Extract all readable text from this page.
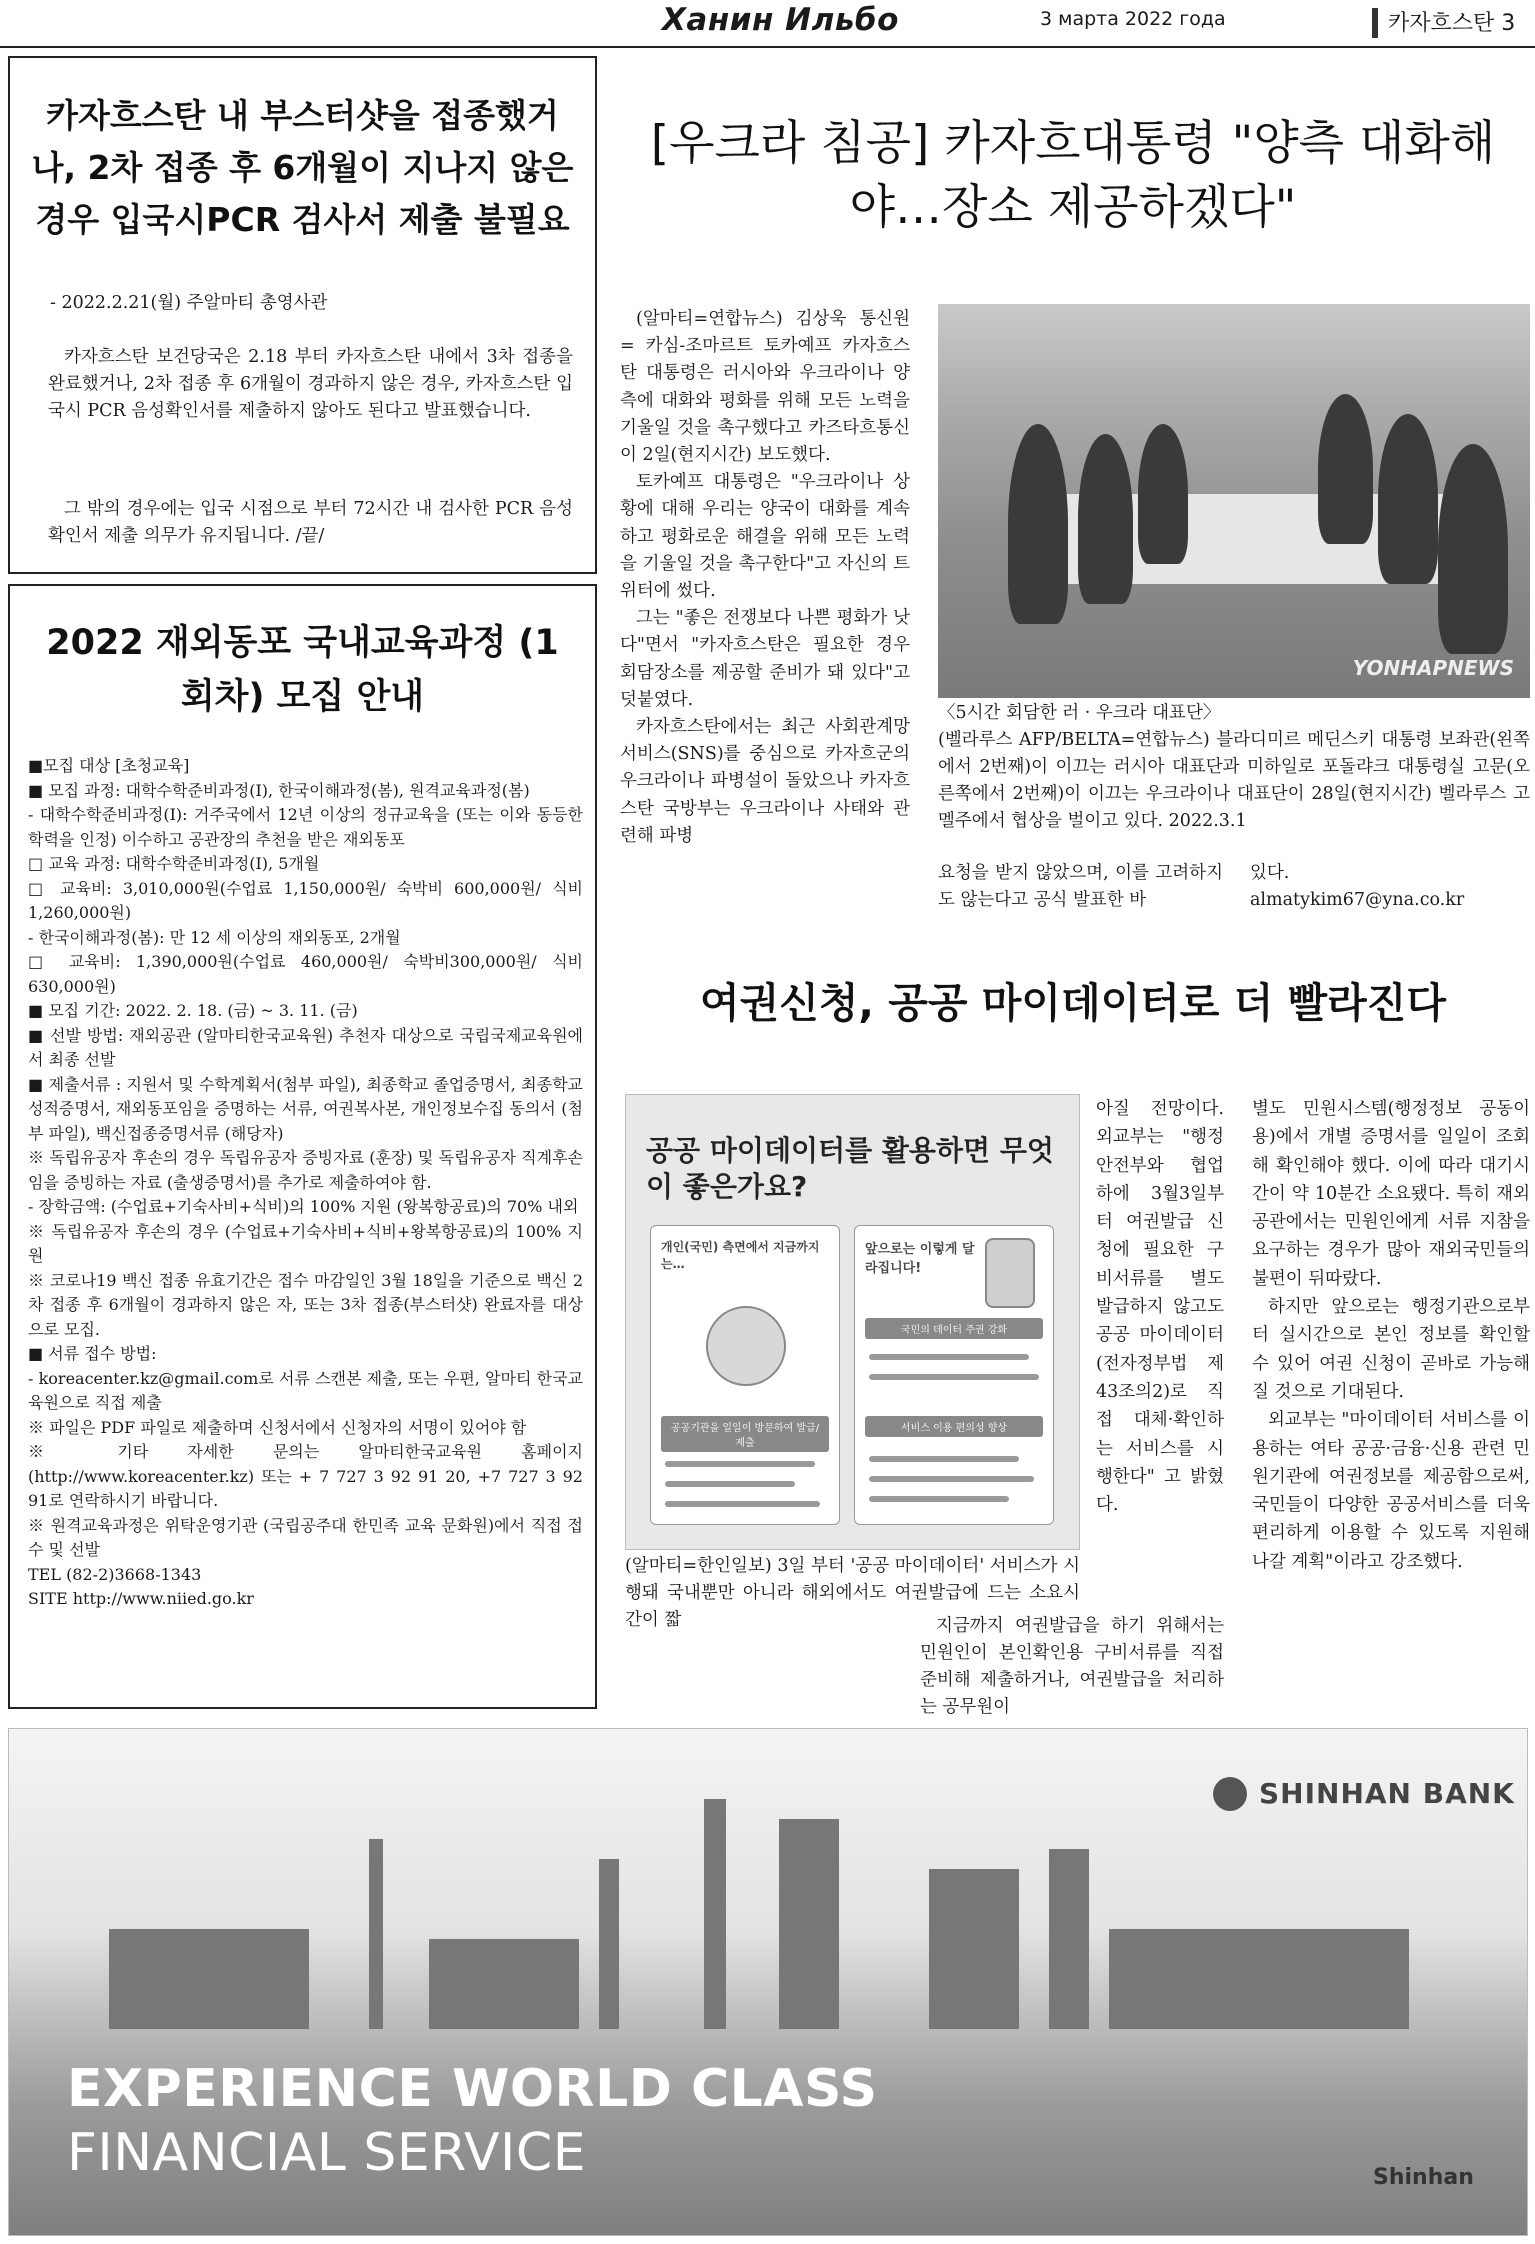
Ханин Ильбо	3 марта 2022 года	카자흐스탄 3
카자흐스탄 내 부스터샷을 접종했거나, 2차 접종 후 6개월이 지나지 않은 경우 입국시PCR 검사서 제출 불필요
- 2022.2.21(월) 주알마티 총영사관
카자흐스탄 보건당국은 2.18 부터 카자흐스탄 내에서 3차 접종을 완료했거나, 2차 접종 후 6개월이 경과하지 않은 경우, 카자흐스탄 입국시 PCR 음성확인서를 제출하지 않아도 된다고 발표했습니다.
그 밖의 경우에는 입국 시점으로 부터 72시간 내 검사한 PCR 음성확인서 제출 의무가 유지됩니다. /끝/
2022 재외동포 국내교육과정 (1회차) 모집 안내
■모집 대상 [초청교육]
■ 모집 과정: 대학수학준비과정(I), 한국이해과정(봄), 원격교육과정(봄)
- 대학수학준비과정(I): 거주국에서 12년 이상의 정규교육을 (또는 이와 동등한 학력을 인정) 이수하고 공관장의 추천을 받은 재외동포
□ 교육 과정: 대학수학준비과정(I), 5개월
□ 교육비: 3,010,000원(수업료 1,150,000원/ 숙박비 600,000원/ 식비 1,260,000원)
- 한국이해과정(봄): 만 12 세 이상의 재외동포, 2개월
□ 교육비: 1,390,000원(수업료 460,000원/ 숙박비300,000원/ 식비 630,000원)
■ 모집 기간: 2022. 2. 18. (금) ~ 3. 11. (금)
■ 선발 방법: 재외공관 (알마티한국교육원) 추천자 대상으로 국립국제교육원에서 최종 선발
■ 제출서류 : 지원서 및 수학계획서(첨부 파일), 최종학교 졸업증명서, 최종학교 성적증명서, 재외동포임을 증명하는 서류, 여권복사본, 개인정보수집 동의서 (첨부 파일), 백신접종증명서류 (해당자)
※ 독립유공자 후손의 경우 독립유공자 증빙자료 (훈장) 및 독립유공자 직계후손임을 증빙하는 자료 (출생증명서)를 추가로 제출하여야 함.
- 장학금액: (수업료+기숙사비+식비)의 100% 지원 (왕복항공료)의 70% 내외
※ 독립유공자 후손의 경우 (수업료+기숙사비+식비+왕복항공료)의 100% 지원
※ 코로나19 백신 접종 유효기간은 접수 마감일인 3월 18일을 기준으로 백신 2차 접종 후 6개월이 경과하지 않은 자, 또는 3차 접종(부스터샷) 완료자를 대상으로 모집.
■ 서류 접수 방법:
- koreacenter.kz@gmail.com로 서류 스캔본 제출, 또는 우편, 알마티 한국교육원으로 직접 제출
※ 파일은 PDF 파일로 제출하며 신청서에서 신청자의 서명이 있어야 함
※ 기타 자세한 문의는 알마티한국교육원 홈페이지(http://www.koreacenter.kz) 또는 + 7 727 3 92 91 20, +7 727 3 92 91로 연락하시기 바랍니다.
※ 원격교육과정은 위탁운영기관 (국립공주대 한민족 교육 문화원)에서 직접 접수 및 선발
TEL (82-2)3668-1343
SITE http://www.niied.go.kr
[우크라 침공] 카자흐대통령 "양측 대화해야…장소 제공하겠다"

(알마티=연합뉴스) 김상욱 통신원 = 카심-조마르트 토카예프 카자흐스탄 대통령은 러시아와 우크라이나 양측에 대화와 평화를 위해 모든 노력을 기울일 것을 촉구했다고 카즈타흐통신이 2일(현지시간) 보도했다.

토카예프 대통령은 "우크라이나 상황에 대해 우리는 양국이 대화를 계속하고 평화로운 해결을 위해 모든 노력을 기울일 것을 촉구한다"고 자신의 트위터에 썼다.

그는 "좋은 전쟁보다 나쁜 평화가 낫다"면서 "카자흐스탄은 필요한 경우 회담장소를 제공할 준비가 돼 있다"고 덧붙였다.

카자흐스탄에서는 최근 사회관계망서비스(SNS)를 중심으로 카자흐군의 우크라이나 파병설이 돌았으나 카자흐스탄 국방부는 우크라이나 사태와 관련해 파병

YONHAPNEWS
〈5시간 회담한 러 · 우크라 대표단〉
(벨라루스 AFP/BELTA=연합뉴스) 블라디미르 메딘스키 대통령 보좌관(왼쪽에서 2번째)이 이끄는 러시아 대표단과 미하일로 포돌랴크 대통령실 고문(오른쪽에서 2번째)이 이끄는 우크라이나 대표단이 28일(현지시간) 벨라루스 고멜주에서 협상을 벌이고 있다. 2022.3.1
요청을 받지 않았으며, 이를 고려하지도 않는다고 공식 발표한 바
있다.
almatykim67@yna.co.kr
여권신청, 공공 마이데이터로 더 빨라진다
공공 마이데이터를 활용하면 무엇이 좋은가요?
개인(국민) 측면에서 지금까지는…
공공기관을 일일이 방문하여 발급/제출
앞으로는 이렇게 달라집니다!
국민의 데이터 주권 강화
서비스 이용 편의성 향상
(알마티=한인일보) 3일 부터 '공공 마이데이터' 서비스가 시행돼 국내뿐만 아니라 해외에서도 여권발급에 드는 소요시간이 짧
아질 전망이다. 외교부는 "행정안전부와 협업 하에 3월3일부터 여권발급 신청에 필요한 구비서류를 별도 발급하지 않고도 공공 마이데이터(전자정부법 제43조의2)로 직접 대체·확인하는 서비스를 시행한다" 고 밝혔다.
지금까지 여권발급을 하기 위해서는 민원인이 본인확인용 구비서류를 직접 준비해 제출하거나, 여권발급을 처리하는 공무원이

별도 민원시스템(행정정보 공동이용)에서 개별 증명서를 일일이 조회해 확인해야 했다. 이에 따라 대기시간이 약 10분간 소요됐다. 특히 재외공관에서는 민원인에게 서류 지참을 요구하는 경우가 많아 재외국민들의 불편이 뒤따랐다.

하지만 앞으로는 행정기관으로부터 실시간으로 본인 정보를 확인할 수 있어 여권 신청이 곧바로 가능해질 것으로 기대된다.

외교부는 "마이데이터 서비스를 이용하는 여타 공공·금융·신용 관련 민원기관에 여권정보를 제공함으로써, 국민들이 다양한 공공서비스를 더욱 편리하게 이용할 수 있도록 지원해 나갈 계획"이라고 강조했다.

SHINHAN BANK
EXPERIENCE WORLD CLASS
FINANCIAL SERVICE	Shinhan
